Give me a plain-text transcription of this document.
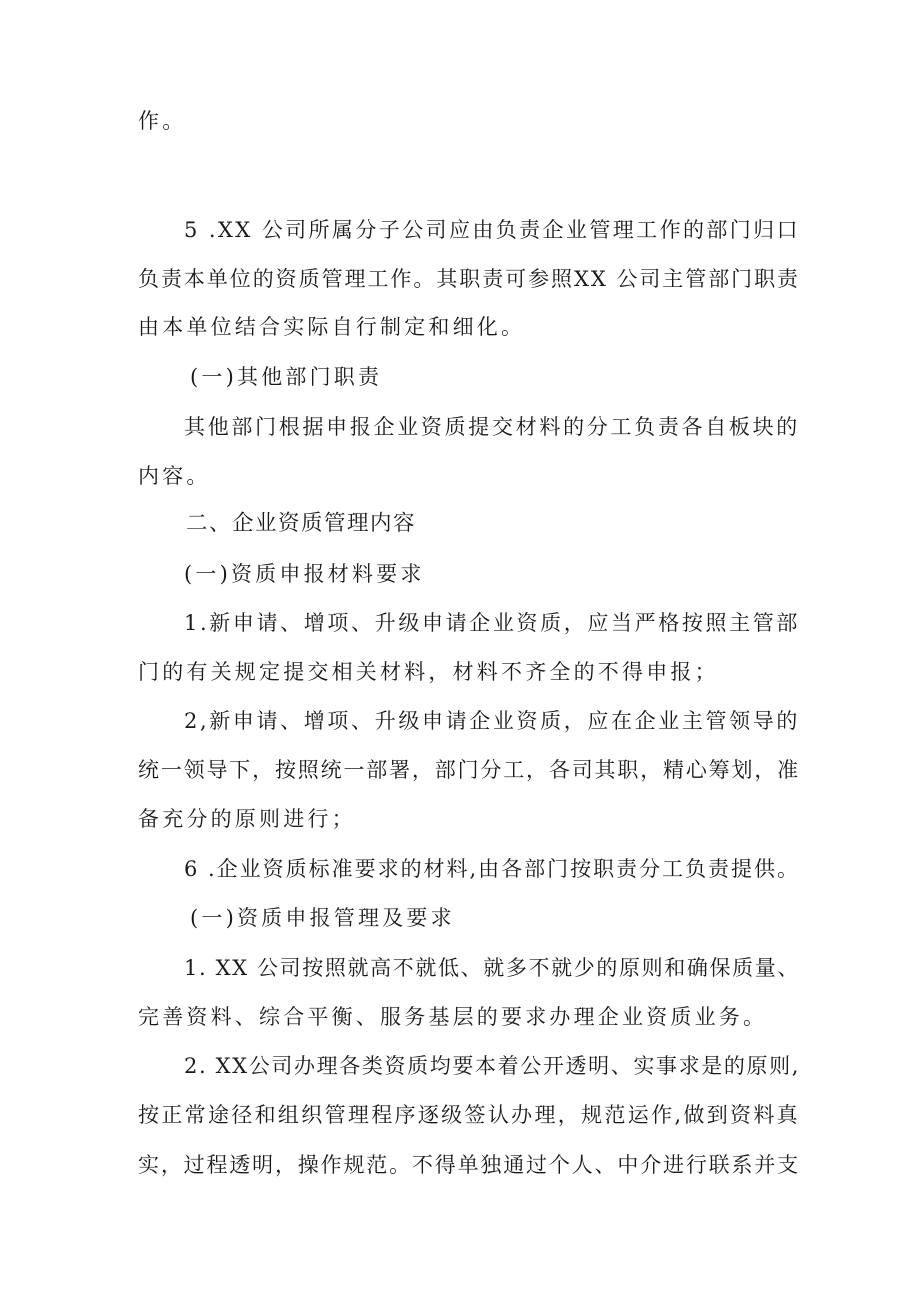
作。
5 .XX 公司所属分子公司应由负责企业管理工作的部门归口
负责本单位的资质管理工作。其职责可参照XX 公司主管部门职责
由本单位结合实际自行制定和细化。
(一)其他部门职责
其他部门根据申报企业资质提交材料的分工负责各自板块的
内容。
二、企业资质管理内容
(一)资质申报材料要求
1.新申请、增项、升级申请企业资质，应当严格按照主管部
门的有关规定提交相关材料，材料不齐全的不得申报；
2,新申请、增项、升级申请企业资质，应在企业主管领导的
统一领导下，按照统一部署，部门分工，各司其职，精心筹划，准
备充分的原则进行；
6 .企业资质标准要求的材料,由各部门按职责分工负责提供。
(一)资质申报管理及要求
1. XX 公司按照就高不就低、就多不就少的原则和确保质量、
完善资料、综合平衡、服务基层的要求办理企业资质业务。
2. XX公司办理各类资质均要本着公开透明、实事求是的原则,
按正常途径和组织管理程序逐级签认办理，规范运作,做到资料真
实，过程透明，操作规范。不得单独通过个人、中介进行联系并支
